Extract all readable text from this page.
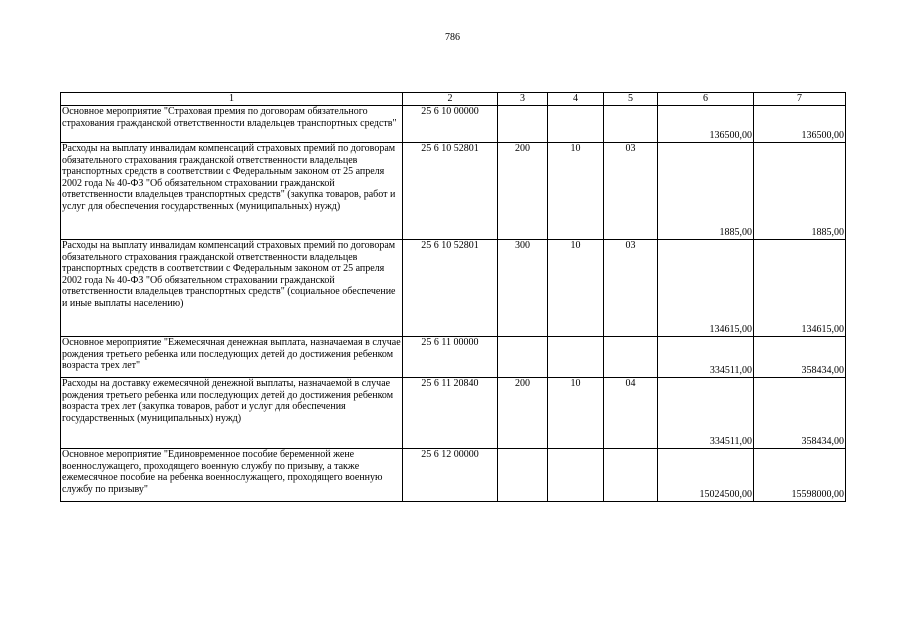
786
1	2	3	4	5	6	7
Основное мероприятие "Страховая премия по договорам обязательного страхования гражданской ответственности владельцев транспортных средств"	25 6 10 00000				136500,00	136500,00
Расходы на выплату инвалидам компенсаций страховых премий по договорам обязательного страхования гражданской ответственности владельцев транспортных средств в соответствии с Федеральным законом от 25 апреля 2002 года № 40-ФЗ "Об обязательном страховании гражданской ответственности владельцев транспортных средств" (закупка товаров, работ и услуг для обеспечения государственных (муниципальных) нужд)	25 6 10 52801	200	10	03	1885,00	1885,00
Расходы на выплату инвалидам компенсаций страховых премий по договорам обязательного страхования гражданской ответственности владельцев транспортных средств в соответствии с Федеральным законом от 25 апреля 2002 года № 40-ФЗ "Об обязательном страховании гражданской ответственности владельцев транспортных средств" (социальное обеспечение и иные выплаты населению)	25 6 10 52801	300	10	03	134615,00	134615,00
Основное мероприятие "Ежемесячная денежная выплата, назначаемая в случае рождения третьего ребенка или последующих детей до достижения ребенком возраста трех лет"	25 6 11 00000				334511,00	358434,00
Расходы на доставку ежемесячной денежной выплаты, назначаемой в случае рождения третьего ребенка или последующих детей до достижения ребенком возраста трех лет (закупка товаров, работ и услуг для обеспечения государственных (муниципальных) нужд)	25 6 11 20840	200	10	04	334511,00	358434,00
Основное мероприятие "Единовременное пособие беременной жене военнослужащего, проходящего военную службу по призыву, а также ежемесячное пособие на ребенка военнослужащего, проходящего военную службу по призыву"	25 6 12 00000				15024500,00	15598000,00
